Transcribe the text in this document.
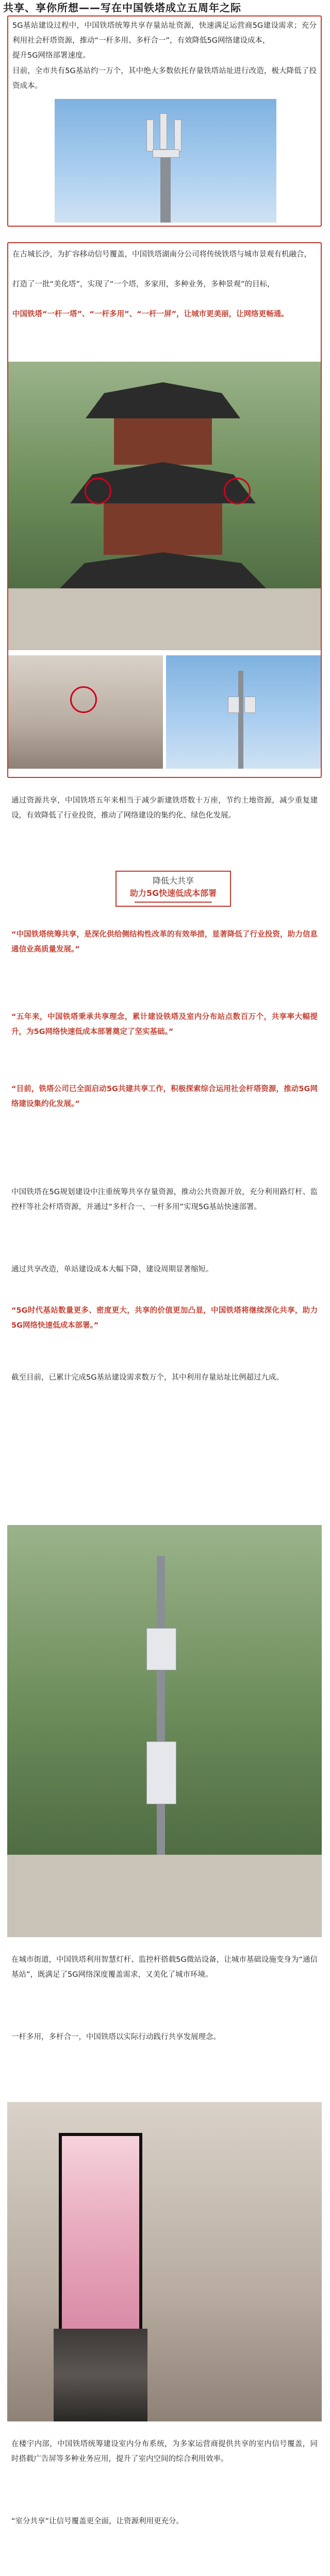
共享、享你所想——写在中国铁塔成立五周年之际
5G基站建设过程中，中国铁塔统筹共享存量站址资源，快速满足运营商5G建设需求；充分利用社会杆塔资源，推动“一杆多用、多杆合一”，有效降低5G网络建设成本，
提升5G网络部署速度。
目前，全市共有5G基站约一万个，其中绝大多数依托存量铁塔站址进行改造，极大降低了投资成本。
在古城长沙，为扩容移动信号覆盖，中国铁塔湖南分公司将传统铁塔与城市景观有机融合，
打造了一批“美化塔”，实现了“一个塔，多家用，多种业务，多种景观”的目标，
中国铁塔“一杆一塔”、“一杆多用”、“一杆一屏”，让城市更美丽，让网络更畅通。
通过资源共享，中国铁塔五年来相当于减少新建铁塔数十万座，节约土地资源，减少重复建设，有效降低了行业投资，推动了网络建设的集约化、绿色化发展。
降低大共享
助力5G快速低成本部署
“中国铁塔统筹共享，是深化供给侧结构性改革的有效举措，显著降低了行业投资，助力信息通信业高质量发展。”
“五年来，中国铁塔秉承共享理念，累计建设铁塔及室内分布站点数百万个，共享率大幅提升，为5G网络快速低成本部署奠定了坚实基础。”
“目前，铁塔公司已全面启动5G共建共享工作，积极探索综合运用社会杆塔资源，推动5G网络建设集约化发展。”
中国铁塔在5G规划建设中注重统筹共享存量资源，推动公共资源开放，充分利用路灯杆、监控杆等社会杆塔资源，并通过“多杆合一、一杆多用”实现5G基站快速部署。
通过共享改造，单站建设成本大幅下降，建设周期显著缩短。
“5G时代基站数量更多、密度更大，共享的价值更加凸显，中国铁塔将继续深化共享，助力5G网络快速低成本部署。”
截至目前，已累计完成5G基站建设需求数万个，其中利用存量站址比例超过九成。
在城市街道，中国铁塔利用智慧灯杆、监控杆搭载5G微站设备，让城市基础设施变身为“通信基站”，既满足了5G网络深度覆盖需求，又美化了城市环境。
一杆多用，多杆合一，中国铁塔以实际行动践行共享发展理念。
在楼宇内部，中国铁塔统筹建设室内分布系统，为多家运营商提供共享的室内信号覆盖，同时搭载广告屏等多种业务应用，提升了室内空间的综合利用效率。
“室分共享”让信号覆盖更全面，让资源利用更充分。
